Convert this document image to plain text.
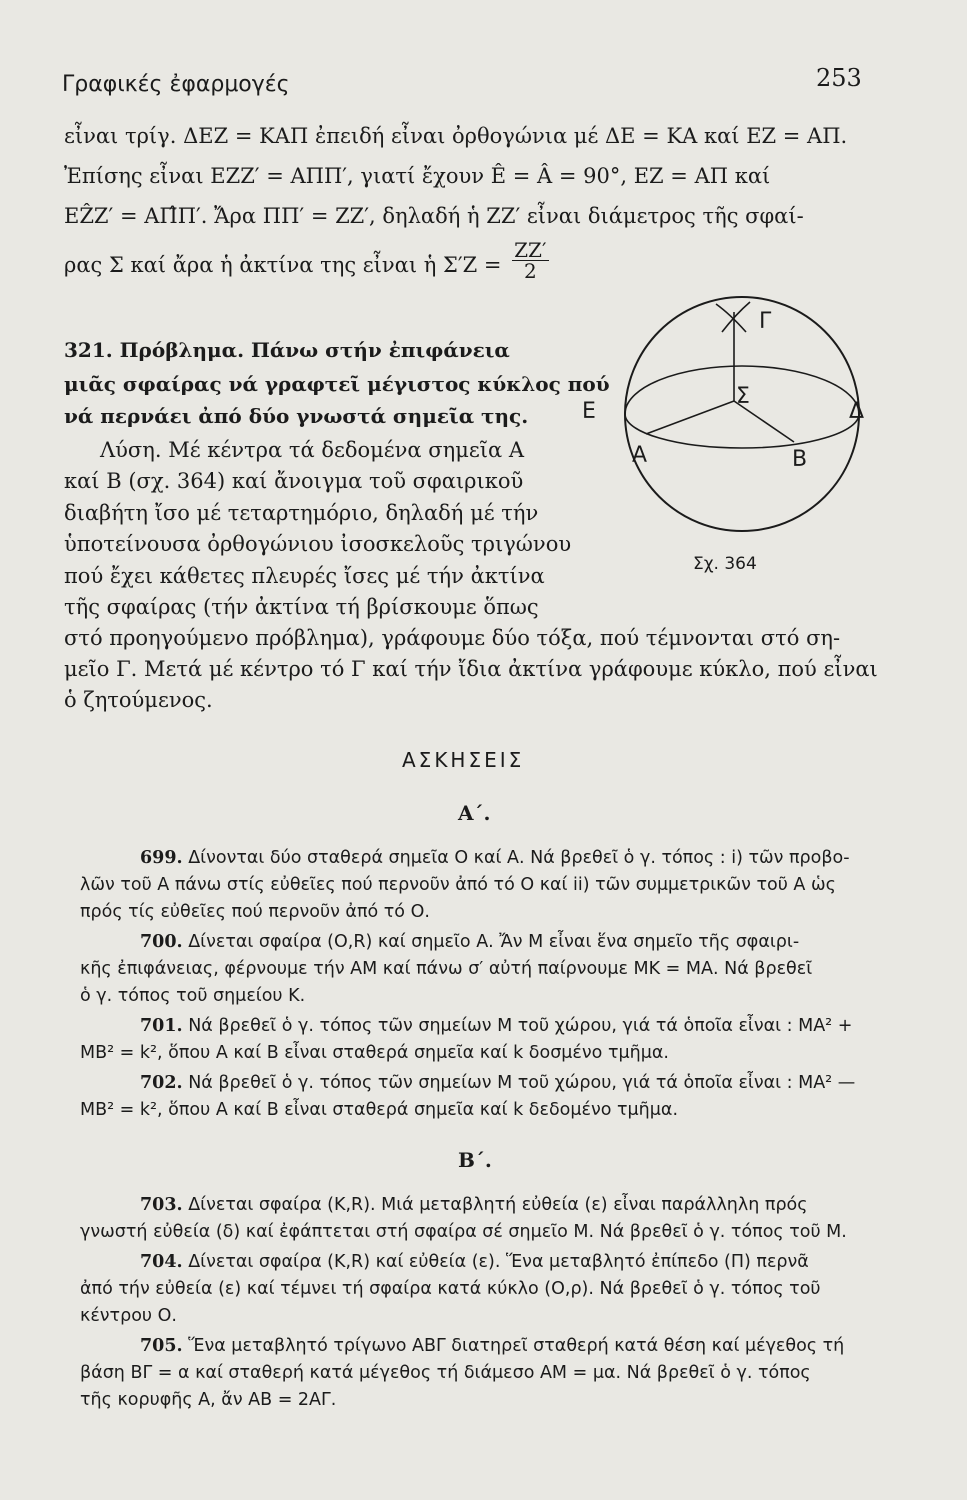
Γραφικές ἐφαρμογές	253
εἶναι τρίγ. ΔΕΖ = ΚΑΠ ἐπειδή εἶναι ὀρθογώνια μέ ΔΕ = ΚΑ καί ΕΖ = ΑΠ.
Ἐπίσης εἶναι ΕΖΖ′ = ΑΠΠ′, γιατί ἔχουν Ê = Â = 90°, ΕΖ = ΑΠ καί
ΕẐΖ′ = ΑΠ̂Π′. Ἄρα ΠΠ′ = ΖΖ′, δηλαδή ἡ ΖΖ′ εἶναι διάμετρος τῆς σφαί-
ρας Σ καί ἄρα ἡ ἀκτίνα της εἶναι ἡ $\Sigma'Z = \frac{ZZ'}{2}$
321. Πρόβλημα. Πάνω στήν ἐπιφάνεια
μιᾶς σφαίρας νά γραφτεῖ μέγιστος κύκλος πού
νά περνάει ἀπό δύο γνωστά σημεῖα της.
Λύση. Μέ κέντρα τά δεδομένα σημεῖα Α
καί Β (σχ. 364) καί ἄνοιγμα τοῦ σφαιρικοῦ
διαβήτη ἴσο μέ τεταρτημόριο, δηλαδή μέ τήν
ὑποτείνουσα ὀρθογώνιου ἰσοσκελοῦς τριγώνου
πού ἔχει κάθετες πλευρές ἴσες μέ τήν ἀκτίνα
τῆς σφαίρας (τήν ἀκτίνα τή βρίσκουμε ὅπως
στό προηγούμενο πρόβλημα), γράφουμε δύο τόξα, πού τέμνονται στό ση-
μεῖο Γ. Μετά μέ κέντρο τό Γ καί τήν ἴδια ἀκτίνα γράφουμε κύκλο, πού εἶναι
ὁ ζητούμενος.
Γ
Σ
Ε	Δ
Α	Β
Σχ. 364
ΑΣΚΗΣΕΙΣ
Α΄.
699. Δίνονται δύο σταθερά σημεῖα Ο καί Α. Νά βρεθεῖ ὁ γ. τόπος : i) τῶν προβο-
λῶν τοῦ Α πάνω στίς εὐθεῖες πού περνοῦν ἀπό τό Ο καί ii) τῶν συμμετρικῶν τοῦ Α ὡς
πρός τίς εὐθεῖες πού περνοῦν ἀπό τό Ο.
700. Δίνεται σφαίρα (Ο,R) καί σημεῖο Α. Ἄν Μ εἶναι ἕνα σημεῖο τῆς σφαιρι-
κῆς ἐπιφάνειας, φέρνουμε τήν ΑΜ καί πάνω σ′ αὐτή παίρνουμε ΜΚ = ΜΑ. Νά βρεθεῖ
ὁ γ. τόπος τοῦ σημείου Κ.
701. Νά βρεθεῖ ὁ γ. τόπος τῶν σημείων Μ τοῦ χώρου, γιά τά ὁποῖα εἶναι : ΜΑ² +
ΜΒ² = k², ὅπου Α καί Β εἶναι σταθερά σημεῖα καί k δοσμένο τμῆμα.
702. Νά βρεθεῖ ὁ γ. τόπος τῶν σημείων Μ τοῦ χώρου, γιά τά ὁποῖα εἶναι : ΜΑ² —
ΜΒ² = k², ὅπου Α καί Β εἶναι σταθερά σημεῖα καί k δεδομένο τμῆμα.
Β΄.
703. Δίνεται σφαίρα (Κ,R). Μιά μεταβλητή εὐθεία (ε) εἶναι παράλληλη πρός
γνωστή εὐθεία (δ) καί ἐφάπτεται στή σφαίρα σέ σημεῖο Μ. Νά βρεθεῖ ὁ γ. τόπος τοῦ Μ.
704. Δίνεται σφαίρα (Κ,R) καί εὐθεία (ε). Ἕνα μεταβλητό ἐπίπεδο (Π) περνᾶ
ἀπό τήν εὐθεία (ε) καί τέμνει τή σφαίρα κατά κύκλο (Ο,ρ). Νά βρεθεῖ ὁ γ. τόπος τοῦ
κέντρου Ο.
705. Ἕνα μεταβλητό τρίγωνο ΑΒΓ διατηρεῖ σταθερή κατά θέση καί μέγεθος τή
βάση ΒΓ = α καί σταθερή κατά μέγεθος τή διάμεσο ΑΜ = μα. Νά βρεθεῖ ὁ γ. τόπος
τῆς κορυφῆς Α, ἄν ΑΒ = 2ΑΓ.
